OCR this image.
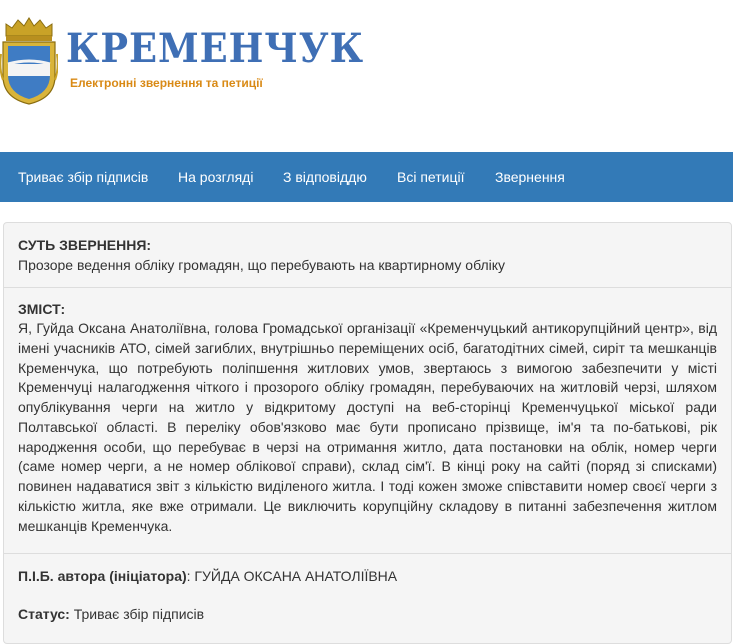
КРЕМЕНЧУК
Електронні звернення та петиції
Триває збір підписів На розгляді З відповіддю Всі петиції Звернення
СУТЬ ЗВЕРНЕННЯ:
Прозоре ведення обліку громадян, що перебувають на квартирному обліку
ЗМІСТ:
Я, Гуйда Оксана Анатоліївна, голова Громадської організації «Кременчуцький антикорупційний центр», від імені учасників АТО, сімей загиблих, внутрішньо переміщених осіб, багатодітних сімей, сиріт та мешканців Кременчука, що потребують поліпшення житлових умов, звертаюсь з вимогою забезпечити у місті Кременчуці налагодження чіткого і прозорого обліку громадян, перебуваючих на житловій черзі, шляхом опублікування черги на житло у відкритому доступі на веб-сторінці Кременчуцької міської ради Полтавської області. В переліку обов'язково має бути прописано прізвище, ім'я та по-батькові, рік народження особи, що перебуває в черзі на отримання житло, дата постановки на облік, номер черги (саме номер черги, а не номер облікової справи), склад сім'ї. В кінці року на сайті (поряд зі списками) повинен надаватися звіт з кількістю виділеного житла. І тоді кожен зможе співставити номер своєї черги з кількістю житла, яке вже отримали. Це виключить корупційну складову в питанні забезпечення житлом мешканців Кременчука.
П.І.Б. автора (ініціатора): ГУЙДА ОКСАНА АНАТОЛІЇВНА
Статус: Триває збір підписів
